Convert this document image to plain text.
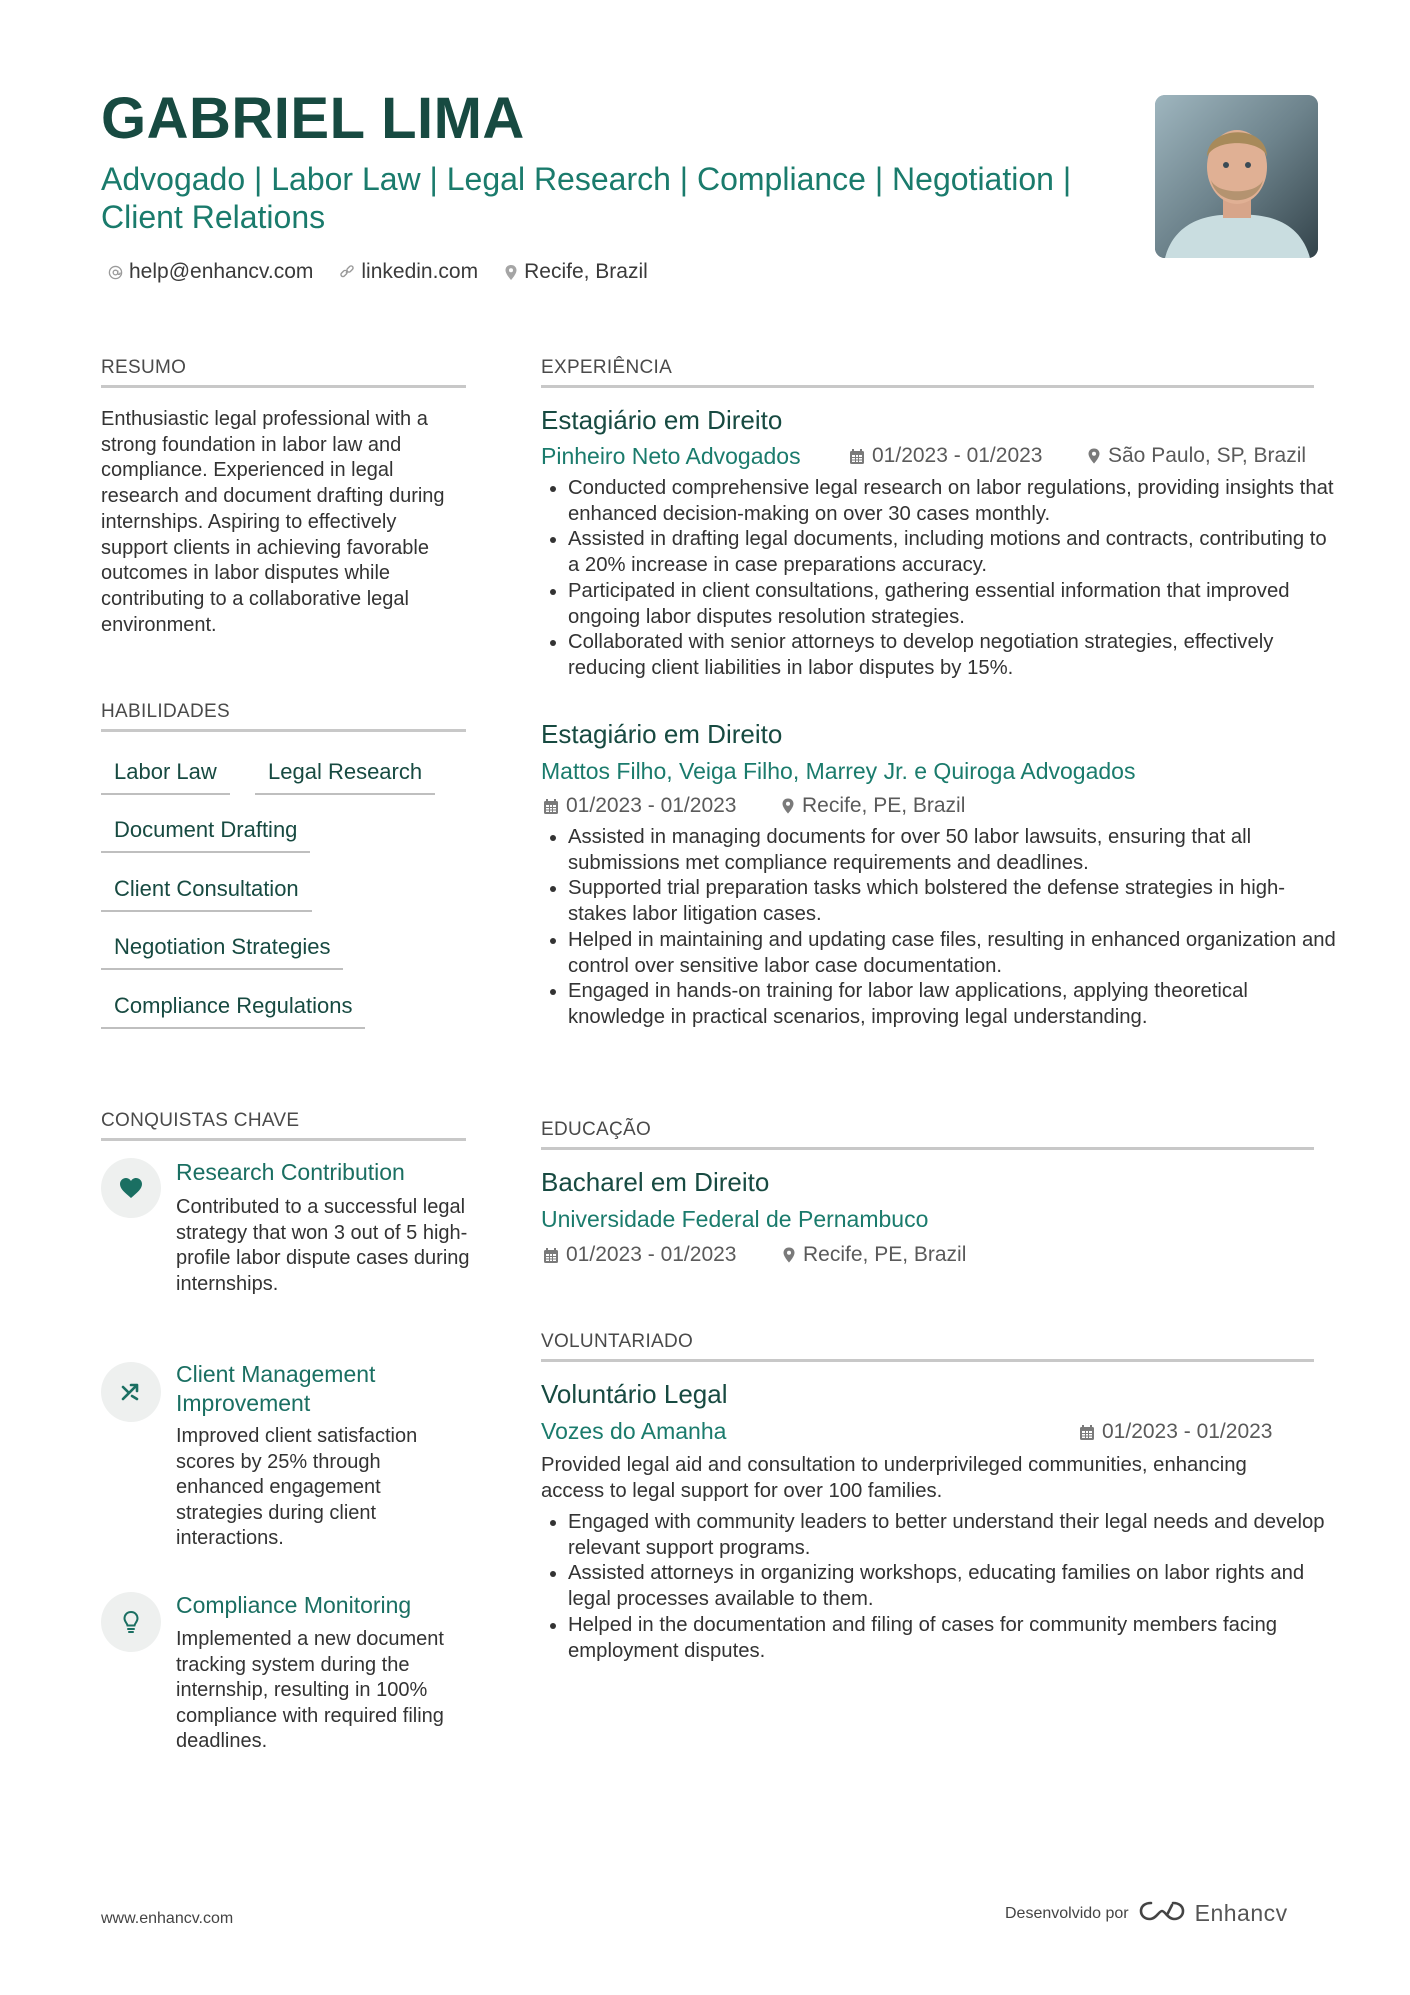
GABRIEL LIMA
Advogado | Labor Law | Legal Research | Compliance | Negotiation | Client Relations
help@enhancv.com linkedin.com Recife, Brazil
RESUMO
Enthusiastic legal professional with a strong foundation in labor law and compliance. Experienced in legal research and document drafting during internships. Aspiring to effectively support clients in achieving favorable outcomes in labor disputes while contributing to a collaborative legal environment.
HABILIDADES
Labor Law	Legal Research
Document Drafting
Client Consultation
Negotiation Strategies
Compliance Regulations
CONQUISTAS CHAVE
Research Contribution
Contributed to a successful legal strategy that won 3 out of 5 high-profile labor dispute cases during internships.
Client Management Improvement
Improved client satisfaction scores by 25% through enhanced engagement strategies during client interactions.
Compliance Monitoring
Implemented a new document tracking system during the internship, resulting in 100% compliance with required filing deadlines.
EXPERIÊNCIA
Estagiário em Direito
Pinheiro Neto Advogados	01/2023 - 01/2023	São Paulo, SP, Brazil
• Conducted comprehensive legal research on labor regulations, providing insights that enhanced decision-making on over 30 cases monthly.
• Assisted in drafting legal documents, including motions and contracts, contributing to a 20% increase in case preparations accuracy.
• Participated in client consultations, gathering essential information that improved ongoing labor disputes resolution strategies.
• Collaborated with senior attorneys to develop negotiation strategies, effectively reducing client liabilities in labor disputes by 15%.
Estagiário em Direito
Mattos Filho, Veiga Filho, Marrey Jr. e Quiroga Advogados
01/2023 - 01/2023	Recife, PE, Brazil
• Assisted in managing documents for over 50 labor lawsuits, ensuring that all submissions met compliance requirements and deadlines.
• Supported trial preparation tasks which bolstered the defense strategies in high-stakes labor litigation cases.
• Helped in maintaining and updating case files, resulting in enhanced organization and control over sensitive labor case documentation.
• Engaged in hands-on training for labor law applications, applying theoretical knowledge in practical scenarios, improving legal understanding.
EDUCAÇÃO
Bacharel em Direito
Universidade Federal de Pernambuco
01/2023 - 01/2023	Recife, PE, Brazil
VOLUNTARIADO
Voluntário Legal
Vozes do Amanha	01/2023 - 01/2023
Provided legal aid and consultation to underprivileged communities, enhancing access to legal support for over 100 families.
• Engaged with community leaders to better understand their legal needs and develop relevant support programs.
• Assisted attorneys in organizing workshops, educating families on labor rights and legal processes available to them.
• Helped in the documentation and filing of cases for community members facing employment disputes.
www.enhancv.com	Desenvolvido por	Enhancv
